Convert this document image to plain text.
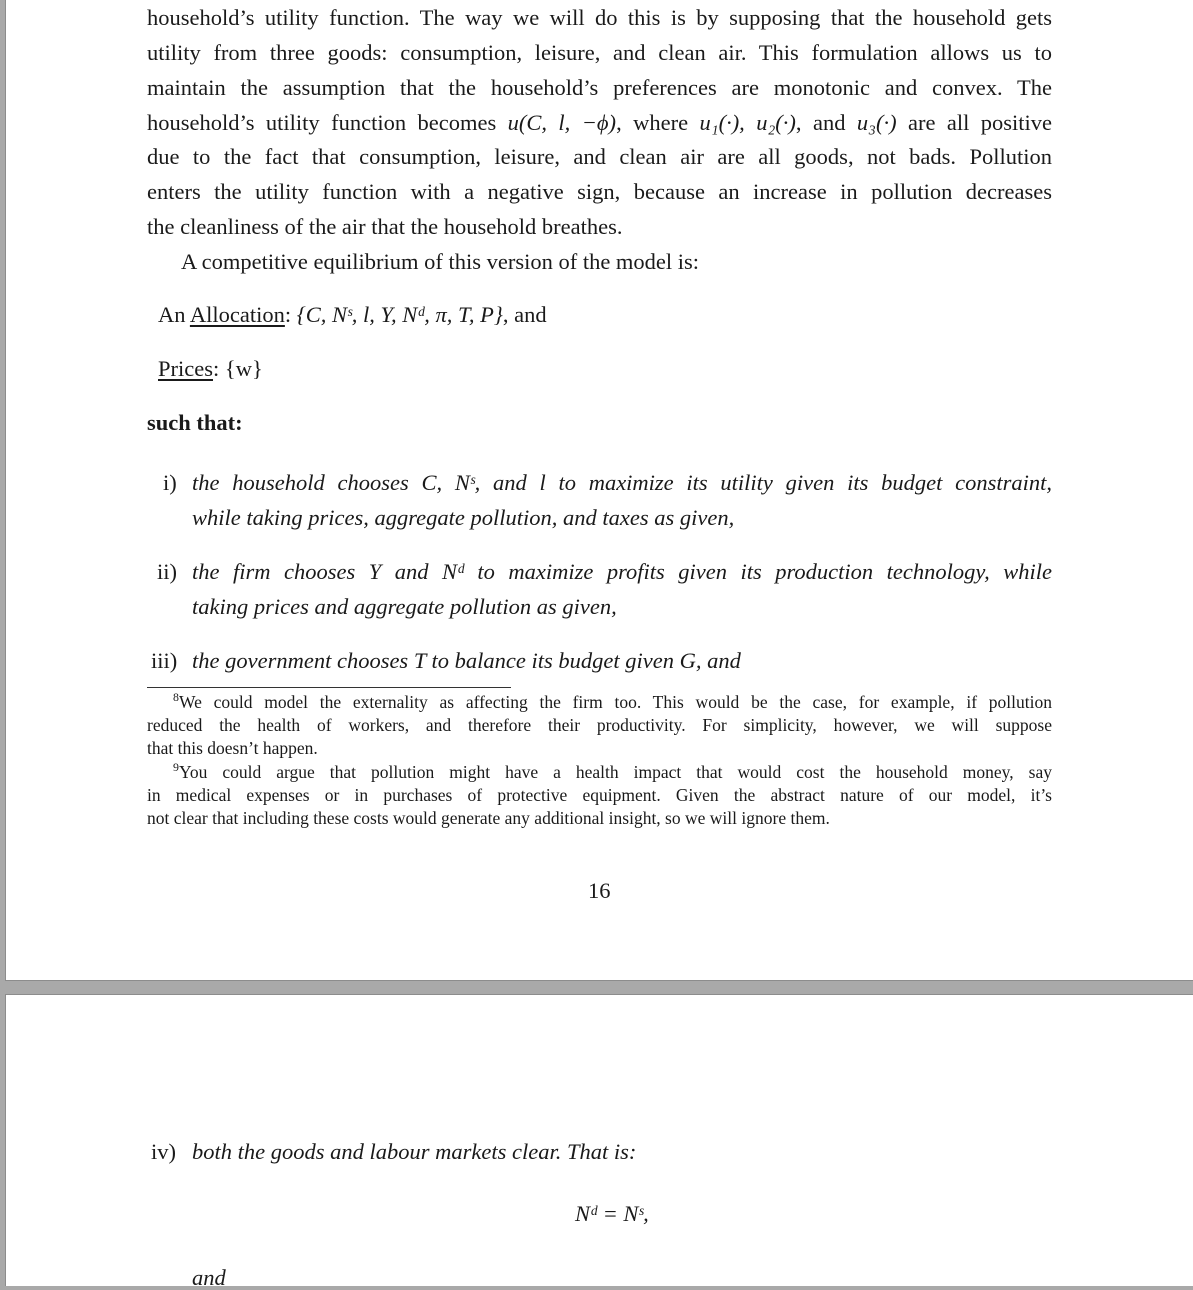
household’s utility function. The way we will do this is by supposing that the household gets
utility from three goods: consumption, leisure, and clean air. This formulation allows us to
maintain the assumption that the household’s preferences are monotonic and convex. The
household’s utility function becomes u(C, l, −ϕ), where u₁(·), u₂(·), and u₃(·) are all positive
due to the fact that consumption, leisure, and clean air are all goods, not bads. Pollution
enters the utility function with a negative sign, because an increase in pollution decreases
the cleanliness of the air that the household breathes.
A competitive equilibrium of this version of the model is:
An Allocation: {C, Nˢ, l, Y, Nᵈ, π, T, P}, and
Prices: {w}
such that:
i) the household chooses C, Nˢ, and l to maximize its utility given its budget constraint,
while taking prices, aggregate pollution, and taxes as given,
ii) the firm chooses Y and Nᵈ to maximize profits given its production technology, while
taking prices and aggregate pollution as given,
iii) the government chooses T to balance its budget given G, and
$^8$We could model the externality as affecting the firm too. This would be the case, for example, if pollution
reduced the health of workers, and therefore their productivity. For simplicity, however, we will suppose
that this doesn’t happen.
$^9$You could argue that pollution might have a health impact that would cost the household money, say
in medical expenses or in purchases of protective equipment. Given the abstract nature of our model, it’s
not clear that including these costs would generate any additional insight, so we will ignore them.
16
iv) both the goods and labour markets clear. That is:
Nᵈ = Nˢ,
and
